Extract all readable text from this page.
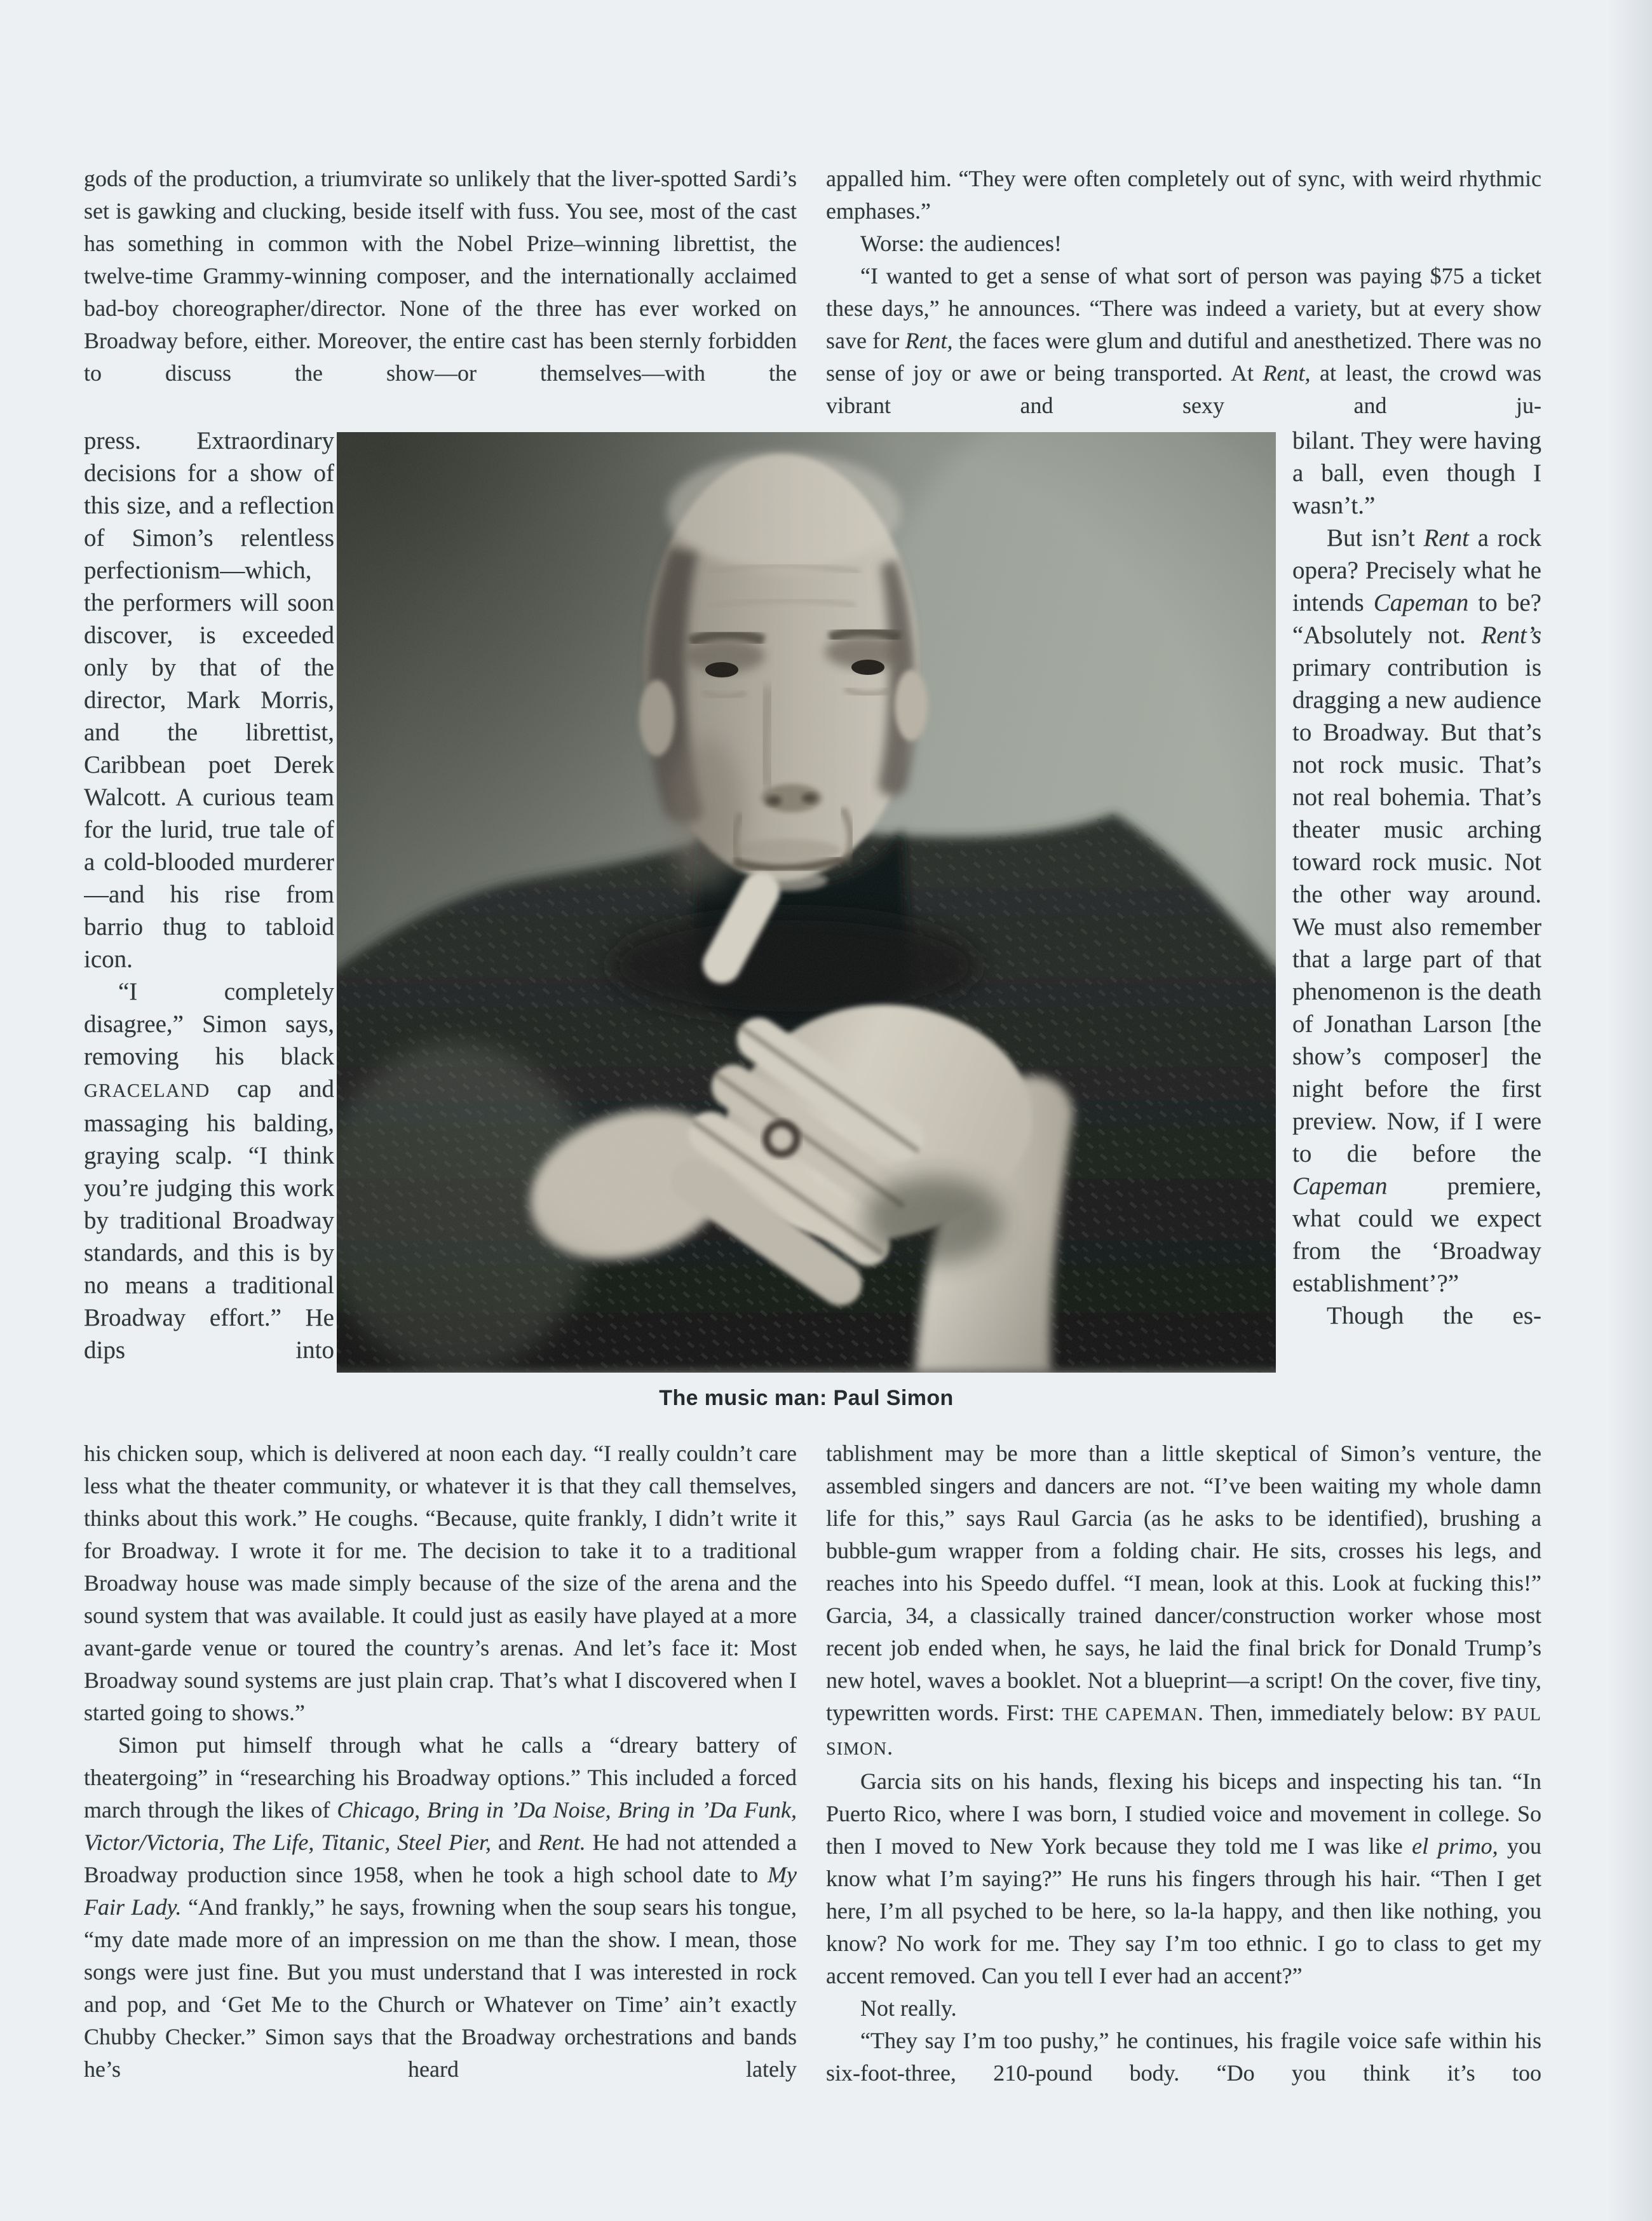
gods of the production, a triumvirate so unlikely that the liver-spotted Sardi’s set is gawking and clucking, beside itself with fuss. You see, most of the cast has something in common with the Nobel Prize–winning librettist, the twelve-time Grammy-winning composer, and the internationally acclaimed bad-boy choreographer/director. None of the three has ever worked on Broadway before, either. Moreover, the entire cast has been sternly forbidden to discuss the show—or themselves—with the

press. Extraordinary decisions for a show of this size, and a reflection of Simon’s relentless perfectionism—which, the performers will soon discover, is exceeded only by that of the director, Mark Morris, and the librettist, Caribbean poet Derek Walcott. A curious team for the lurid, true tale of a cold-blooded murderer—and his rise from barrio thug to tabloid icon.

“I completely disagree,” Simon says, removing his black GRACELAND cap and massaging his balding, graying scalp. “I think you’re judging this work by traditional Broadway standards, and this is by no means a traditional Broadway effort.” He dips into

his chicken soup, which is delivered at noon each day. “I really couldn’t care less what the theater community, or whatever it is that they call themselves, thinks about this work.” He coughs. “Because, quite frankly, I didn’t write it for Broadway. I wrote it for me. The decision to take it to a traditional Broadway house was made simply because of the size of the arena and the sound system that was available. It could just as easily have played at a more avant-garde venue or toured the country’s arenas. And let’s face it: Most Broadway sound systems are just plain crap. That’s what I discovered when I started going to shows.”

Simon put himself through what he calls a “dreary battery of theatergoing” in “researching his Broadway options.” This included a forced march through the likes of Chicago, Bring in ’Da Noise, Bring in ’Da Funk, Victor/Victoria, The Life, Titanic, Steel Pier, and Rent. He had not attended a Broadway production since 1958, when he took a high school date to My Fair Lady. “And frankly,” he says, frowning when the soup sears his tongue, “my date made more of an impression on me than the show. I mean, those songs were just fine. But you must understand that I was interested in rock and pop, and ‘Get Me to the Church or Whatever on Time’ ain’t exactly Chubby Checker.” Simon says that the Broadway orchestrations and bands he’s heard lately

appalled him. “They were often completely out of sync, with weird rhythmic emphases.”

Worse: the audiences!

“I wanted to get a sense of what sort of person was paying $75 a ticket these days,” he announces. “There was indeed a variety, but at every show save for Rent, the faces were glum and dutiful and anesthetized. There was no sense of joy or awe or being transported. At Rent, at least, the crowd was vibrant and sexy and ju-

bilant. They were having a ball, even though I wasn’t.”

But isn’t Rent a rock opera? Precisely what he intends Capeman to be? “Absolutely not. Rent’s primary contribution is dragging a new audience to Broadway. But that’s not rock music. That’s not real bohemia. That’s theater music arching toward rock music. Not the other way around. We must also remember that a large part of that phenomenon is the death of Jonathan Larson [the show’s composer] the night before the first preview. Now, if I were to die before the Capeman premiere, what could we expect from the ‘Broadway establishment’?”

Though the es-

tablishment may be more than a little skeptical of Simon’s venture, the assembled singers and dancers are not. “I’ve been waiting my whole damn life for this,” says Raul Garcia (as he asks to be identified), brushing a bubble-gum wrapper from a folding chair. He sits, crosses his legs, and reaches into his Speedo duffel. “I mean, look at this. Look at fucking this!” Garcia, 34, a classically trained dancer/construction worker whose most recent job ended when, he says, he laid the final brick for Donald Trump’s new hotel, waves a booklet. Not a blueprint—a script! On the cover, five tiny, typewritten words. First: THE CAPEMAN. Then, immediately below: BY PAUL SIMON.

Garcia sits on his hands, flexing his biceps and inspecting his tan. “In Puerto Rico, where I was born, I studied voice and movement in college. So then I moved to New York because they told me I was like el primo, you know what I’m saying?” He runs his fingers through his hair. “Then I get here, I’m all psyched to be here, so la-la happy, and then like nothing, you know? No work for me. They say I’m too ethnic. I go to class to get my accent removed. Can you tell I ever had an accent?”

Not really.

“They say I’m too pushy,” he continues, his fragile voice safe within his six-foot-three, 210-pound body. “Do you think it’s too

The music man: Paul Simon
